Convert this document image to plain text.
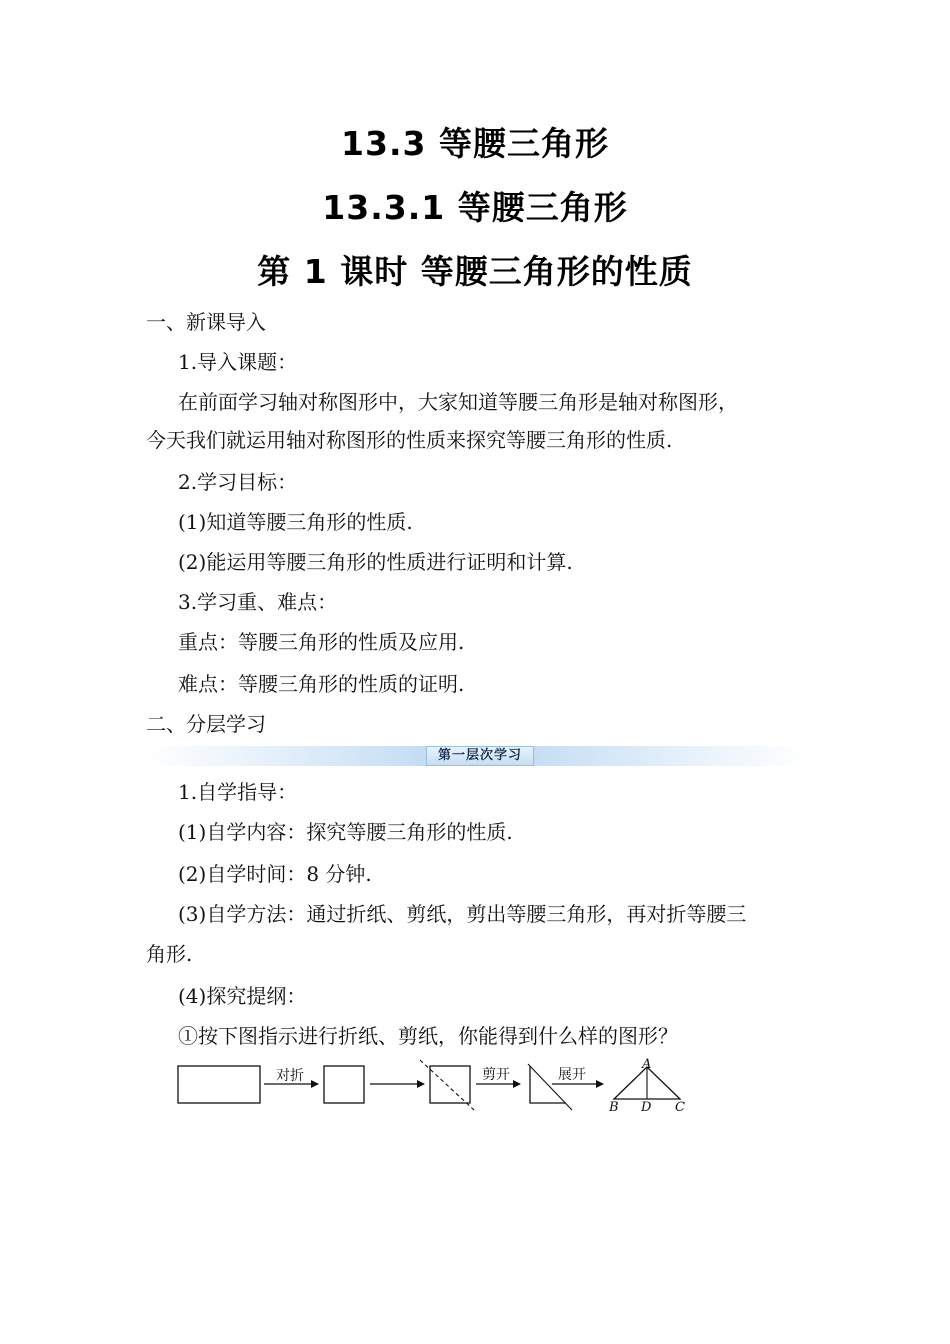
13.3 等腰三角形
13.3.1 等腰三角形
第 1 课时 等腰三角形的性质
一、新课导入
1.导入课题：
在前面学习轴对称图形中，大家知道等腰三角形是轴对称图形，
今天我们就运用轴对称图形的性质来探究等腰三角形的性质.
2.学习目标：
(1)知道等腰三角形的性质.
(2)能运用等腰三角形的性质进行证明和计算.
3.学习重、难点：
重点：等腰三角形的性质及应用.
难点：等腰三角形的性质的证明.
二、分层学习
第一层次学习
1.自学指导：
(1)自学内容：探究等腰三角形的性质.
(2)自学时间：8 分钟.
(3)自学方法：通过折纸、剪纸，剪出等腰三角形，再对折等腰三
角形.
(4)探究提纲：
①按下图指示进行折纸、剪纸，你能得到什么样的图形？
对折	剪开	展开
A
B D C
